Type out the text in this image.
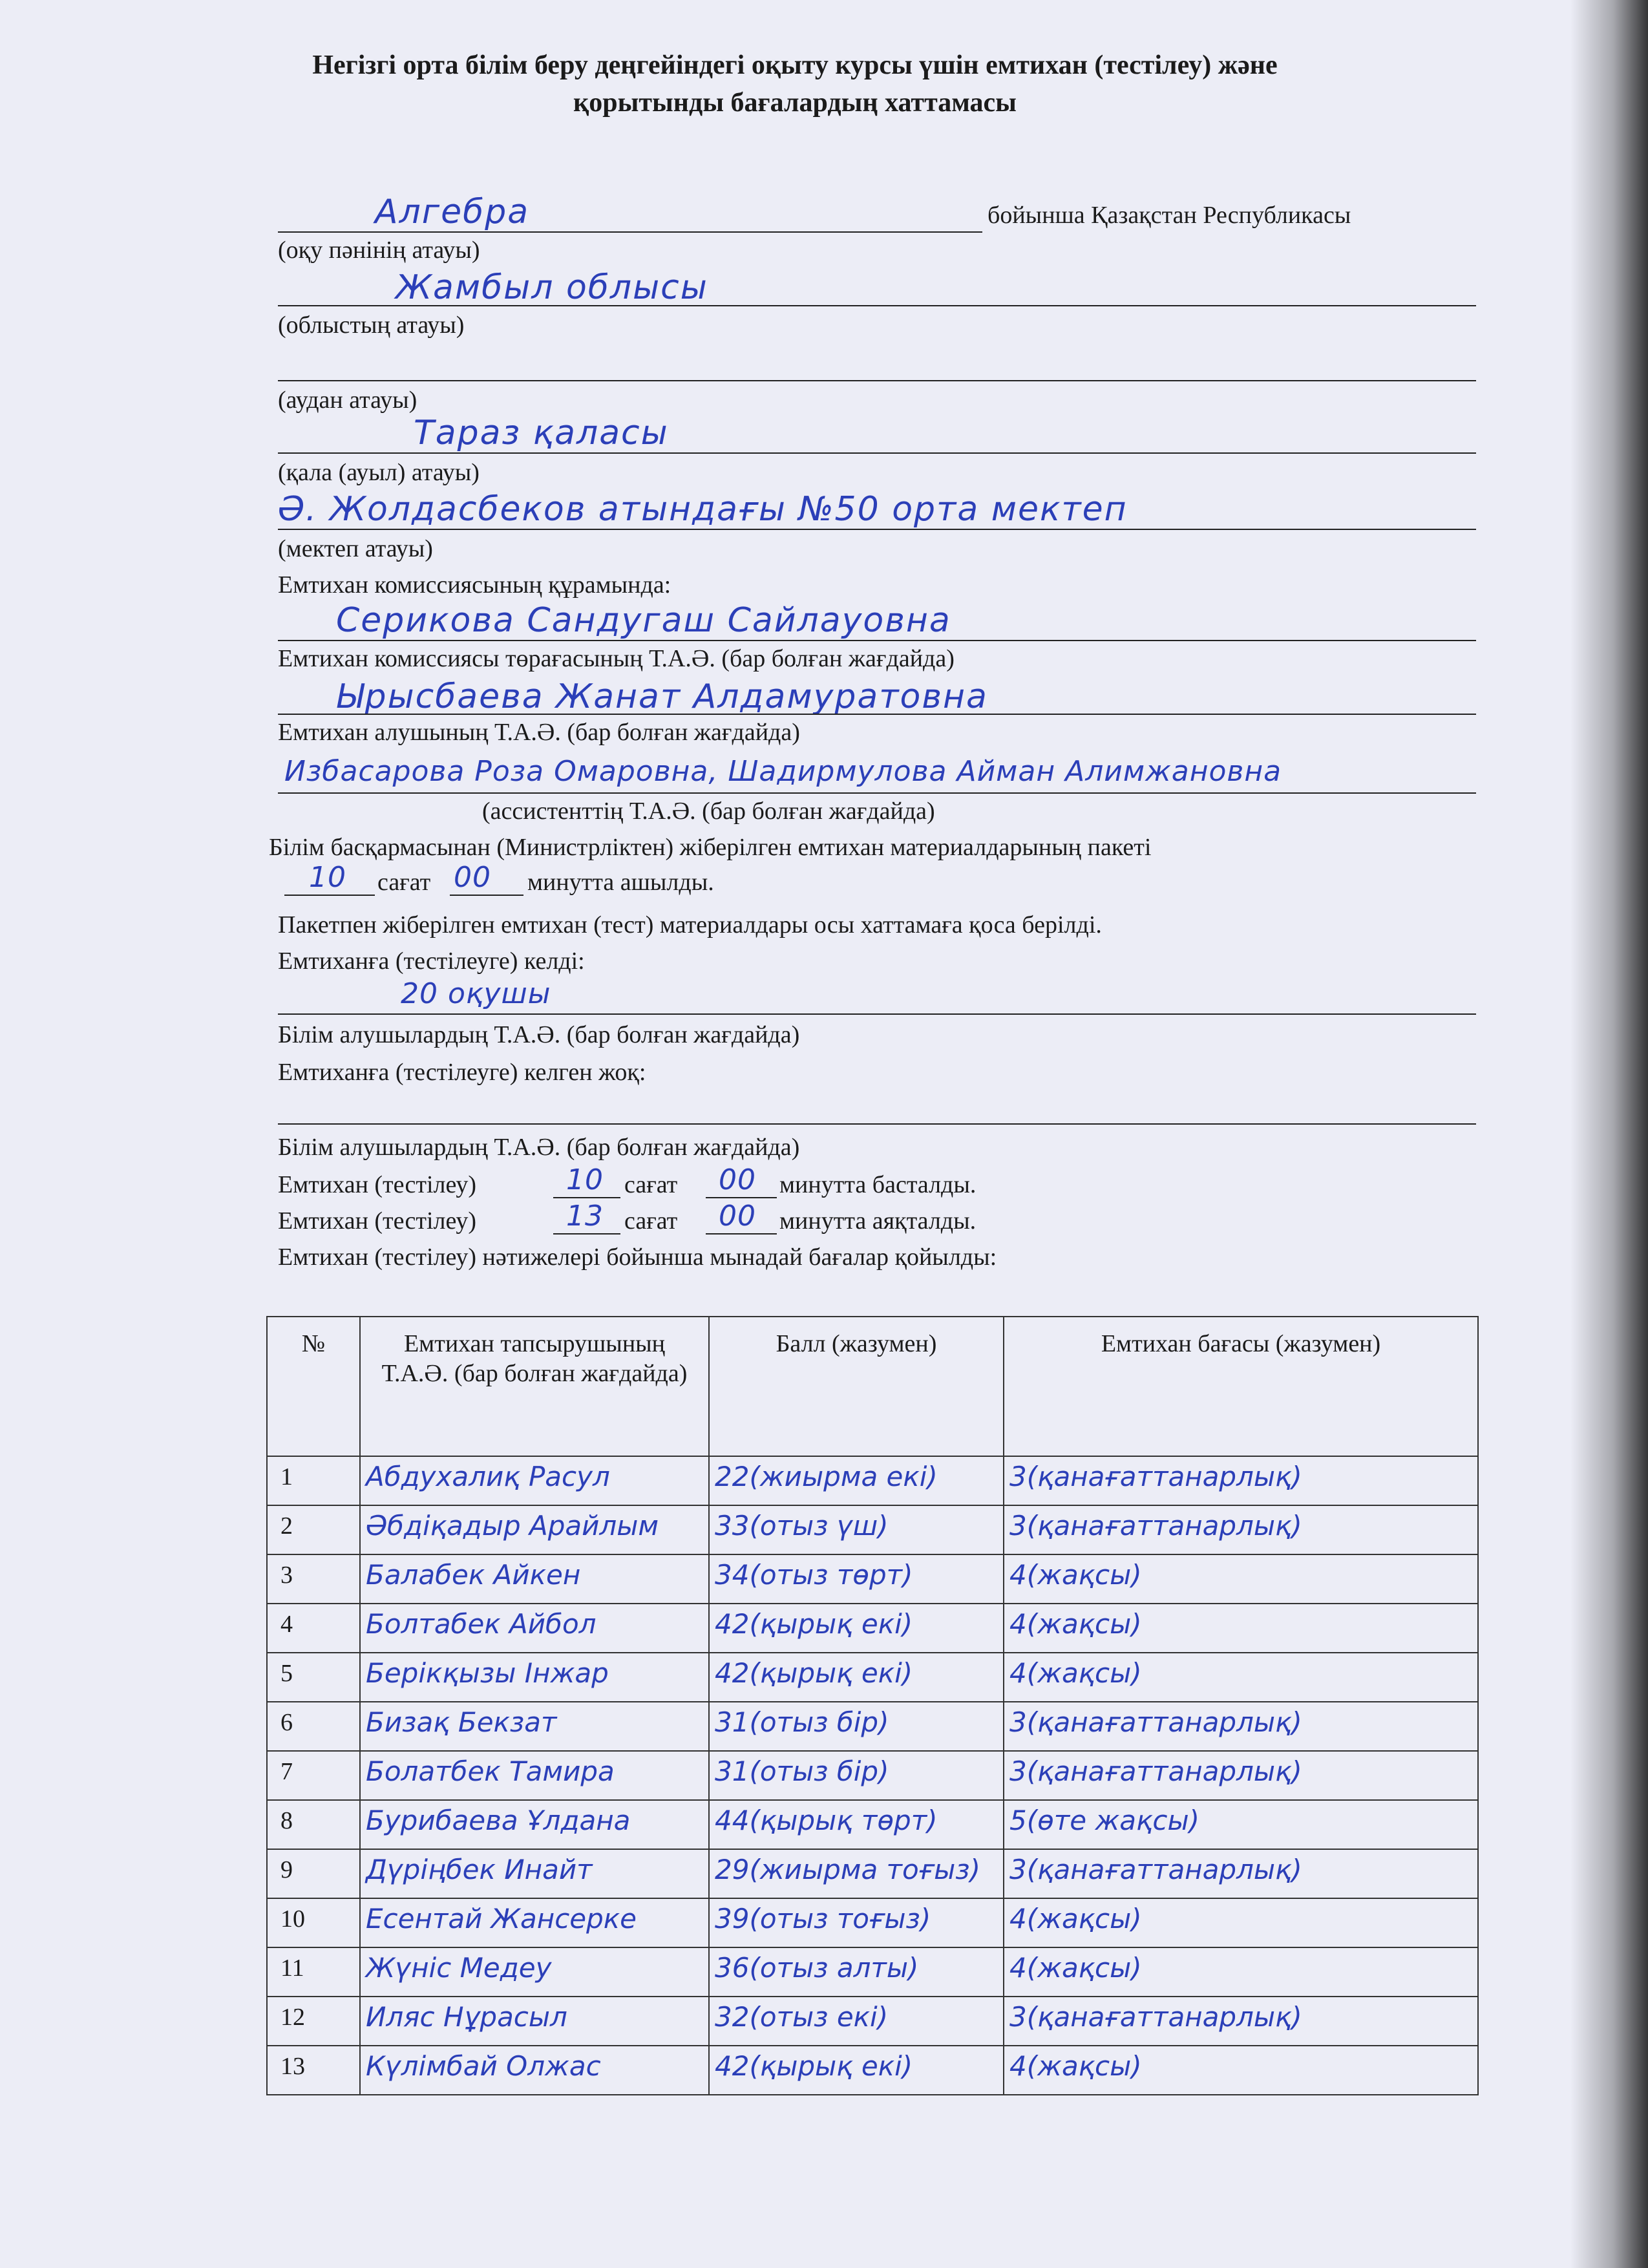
Негізгі орта білім беру деңгейіндегі оқыту курсы үшін емтихан (тестілеу) және
қорытынды бағалардың хаттамасы
Алгебра	бойынша Қазақстан Республикасы
(оқу пәнінің атауы)
Жамбыл облысы
(облыстың атауы)
(аудан атауы)
Тараз қаласы
(қала (ауыл) атауы)
Ә. Жолдасбеков атындағы №50 орта мектеп
(мектеп атауы)
Емтихан комиссиясының құрамында:
Серикова Сандугаш Сайлауовна
Емтихан комиссиясы төрағасының Т.А.Ә. (бар болған жағдайда)
Ырысбаева Жанат Алдамуратовна
Емтихан алушының Т.А.Ә. (бар болған жағдайда)
Избасарова Роза Омаровна, Шадирмулова Айман Алимжановна
(ассистенттің Т.А.Ә. (бар болған жағдайда)
Білім басқармасынан (Министрліктен) жіберілген емтихан материалдарының пакеті
10 сағат 00 минутта ашылды.
Пакетпен жіберілген емтихан (тест) материалдары осы хаттамаға қоса берілді.
Емтиханға (тестілеуге) келді:
20 оқушы
Білім алушылардың Т.А.Ә. (бар болған жағдайда)
Емтиханға (тестілеуге) келген жоқ:
Білім алушылардың Т.А.Ә. (бар болған жағдайда)
Емтихан (тестілеу)	10 сағат 00 минутта басталды.
Емтихан (тестілеу)	13 сағат 00 минутта аяқталды.
Емтихан (тестілеу) нәтижелері бойынша мынадай бағалар қойылды:
№	Емтихан тапсырушының Т.А.Ә. (бар болған жағдайда)	Балл (жазумен)	Емтихан бағасы (жазумен)

1	Абдухалиқ Расул	22(жиырма екі)	3(қанағаттанарлық)

2	Әбдіқадыр Арайлым	33(отыз үш)	3(қанағаттанарлық)

3	Балабек Айкен	34(отыз төрт)	4(жақсы)

4	Болтабек Айбол	42(қырық екі)	4(жақсы)

5	Берікқызы Інжар	42(қырық екі)	4(жақсы)

6	Бизақ Бекзат	31(отыз бір)	3(қанағаттанарлық)

7	Болатбек Тамира	31(отыз бір)	3(қанағаттанарлық)

8	Бурибаева Ұлдана	44(қырық төрт)	5(өте жақсы)

9	Дүріңбек Инайт	29(жиырма тоғыз)	3(қанағаттанарлық)

10	Есентай Жансерке	39(отыз тоғыз)	4(жақсы)

11	Жүніс Медеу	36(отыз алты)	4(жақсы)

12	Иляс Нұрасыл	32(отыз екі)	3(қанағаттанарлық)

13	Күлімбай Олжас	42(қырық екі)	4(жақсы)
